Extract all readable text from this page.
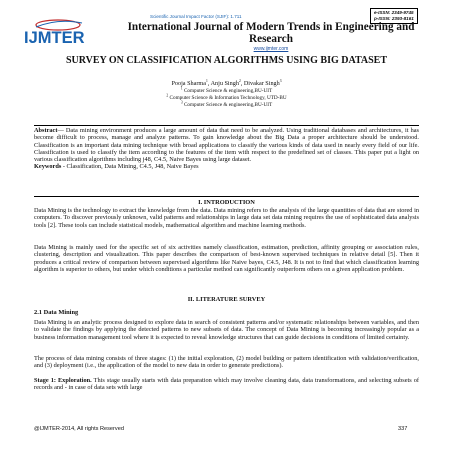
Scientific Journal Impact Factor (SJIF): 1.711
e-ISSN: 2349-9745
p-ISSN: 2393-8161
IJMTER
International Journal of Modern Trends in Engineering and Research
www.ijmter.com
SURVEY ON CLASSIFICATION ALGORITHMS USING BIG DATASET
Pooja Sharma$^1$, Anju Singh$^2$, Divakar Singh$^3$
$^1$ Computer Science & engineering,BU-UIT
$^2$ Computer Science & Information Technology, UTD-BU
$^3$ Computer Science & engineering,BU-UIT
Abstract— Data mining environment produces a large amount of data that need to be analyzed. Using traditional databases and architectures, it has become difficult to process, manage and analyze patterns. To gain knowledge about the Big Data a proper architecture should be understood. Classification is an important data mining technique with broad applications to classify the various kinds of data used in nearly every field of our life. Classification is used to classify the item according to the features of the item with respect to the predefined set of classes. This paper put a light on various classification algorithms including j48, C4.5, Naive Bayes using large dataset.
Keywords - Classification, Data Mining, C4.5, J48, Naive Bayes
I. INTRODUCTION
Data Mining is the technology to extract the knowledge from the data. Data mining refers to the analysis of the large quantities of data that are stored in computers. To discover previously unknown, valid patterns and relationships in large data set data mining requires the use of sophisticated data analysis tools [2]. These tools can include statistical models, mathematical algorithm and machine learning methods.
Data Mining is mainly used for the specific set of six activities namely classification, estimation, prediction, affinity grouping or association rules, clustering, description and visualization. This paper describes the comparison of best-known supervised techniques in relative detail [5]. Then it produces a critical review of comparison between supervised algorithms like Naive bayes, C4.5, J48. It is not to find that which classification learning algorithm is superior to others, but under which conditions a particular method can significantly outperform others on a given application problem.
II. LITERATURE SURVEY
2.1 Data Mining
Data Mining is an analytic process designed to explore data in search of consistent patterns and/or systematic relationships between variables, and then to validate the findings by applying the detected patterns to new subsets of data. The concept of Data Mining is becoming increasingly popular as a business information management tool where it is expected to reveal knowledge structures that can guide decisions in conditions of limited certainty.
The process of data mining consists of three stages: (1) the initial exploration, (2) model building or pattern identification with validation/verification, and (3) deployment (i.e., the application of the model to new data in order to generate predictions).
Stage 1: Exploration. This stage usually starts with data preparation which may involve cleaning data, data transformations, and selecting subsets of records and - in case of data sets with large
@IJMTER-2014, All rights Reserved	337
